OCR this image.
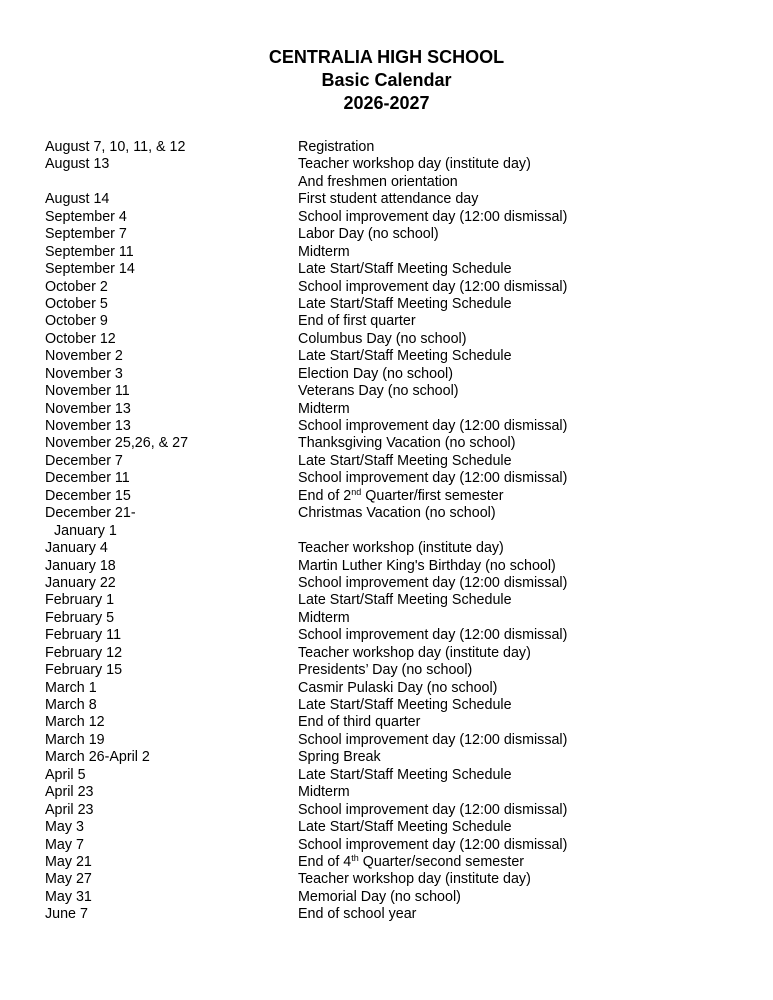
CENTRALIA HIGH SCHOOL
Basic Calendar
2026-2027
August 7, 10, 11, & 12	Registration
August 13	Teacher workshop day (institute day)
And freshmen orientation
August 14	First student attendance day
September 4	School improvement day (12:00 dismissal)
September 7	Labor Day (no school)
September 11	Midterm
September 14	Late Start/Staff Meeting Schedule
October 2	School improvement day (12:00 dismissal)
October 5	Late Start/Staff Meeting Schedule
October 9	End of first quarter
October 12	Columbus Day (no school)
November 2	Late Start/Staff Meeting Schedule
November 3	Election Day (no school)
November 11	Veterans Day (no school)
November 13	Midterm
November 13	School improvement day (12:00 dismissal)
November 25,26, & 27	Thanksgiving Vacation (no school)
December 7	Late Start/Staff Meeting Schedule
December 11	School improvement day (12:00 dismissal)
December 15	End of 2nd Quarter/first semester
December 21-	Christmas Vacation (no school)
January 1
January 4	Teacher workshop (institute day)
January 18	Martin Luther King's Birthday (no school)
January 22	School improvement day (12:00 dismissal)
February 1	Late Start/Staff Meeting Schedule
February 5	Midterm
February 11	School improvement day (12:00 dismissal)
February 12	Teacher workshop day (institute day)
February 15	Presidents’ Day (no school)
March 1	Casmir Pulaski Day (no school)
March 8	Late Start/Staff Meeting Schedule
March 12	End of third quarter
March 19	School improvement day (12:00 dismissal)
March 26-April 2	Spring Break
April 5	Late Start/Staff Meeting Schedule
April 23	Midterm
April 23	School improvement day (12:00 dismissal)
May 3	Late Start/Staff Meeting Schedule
May 7	School improvement day (12:00 dismissal)
May 21	End of 4th Quarter/second semester
May 27	Teacher workshop day (institute day)
May 31	Memorial Day (no school)
June 7	End of school year
